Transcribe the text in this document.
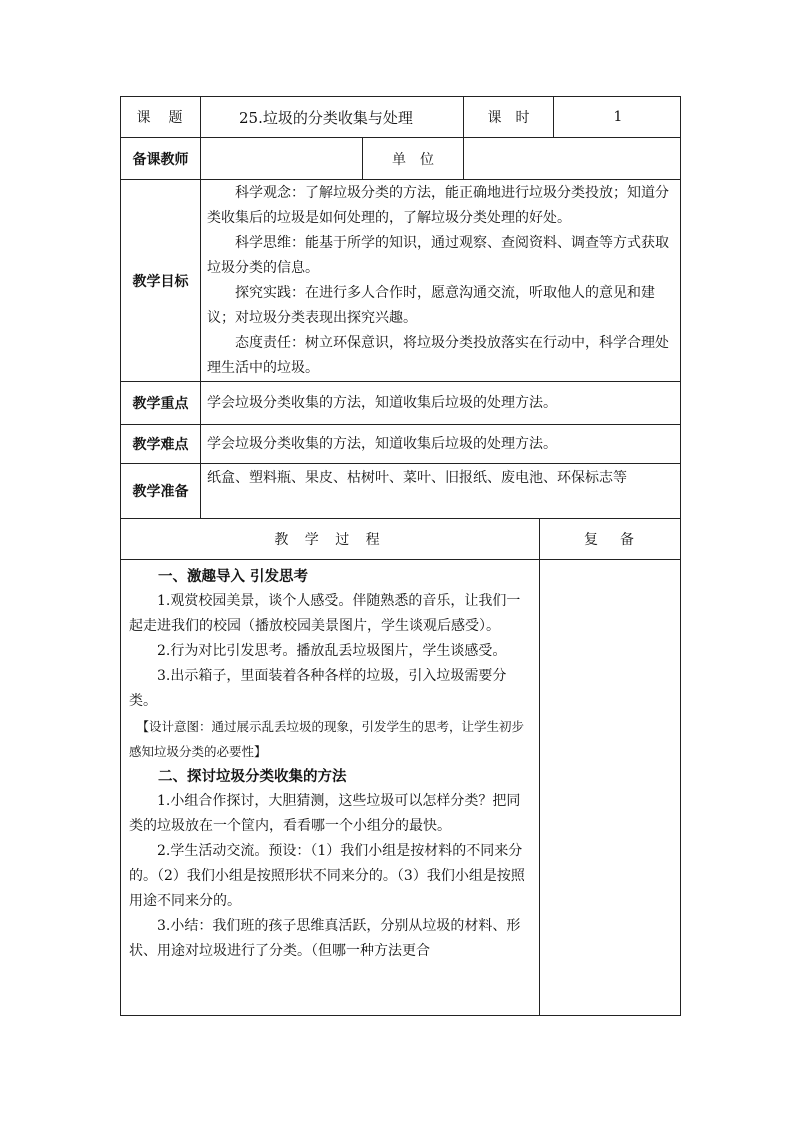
课　题	25.垃圾的分类收集与处理	课　时	1
备课教师	单　位
教学目标

科学观念：了解垃圾分类的方法，能正确地进行垃圾分类投放；知道分类收集后的垃圾是如何处理的，了解垃圾分类处理的好处。

科学思维：能基于所学的知识，通过观察、查阅资料、调查等方式获取垃圾分类的信息。

探究实践：在进行多人合作时，愿意沟通交流，听取他人的意见和建议；对垃圾分类表现出探究兴趣。

态度责任：树立环保意识，将垃圾分类投放落实在行动中，科学合理处理生活中的垃圾。

教学重点	学会垃圾分类收集的方法，知道收集后垃圾的处理方法。
教学难点	学会垃圾分类收集的方法，知道收集后垃圾的处理方法。
教学准备
纸盒、塑料瓶、果皮、枯树叶、菜叶、旧报纸、废电池、环保标志等
教 学 过 程	复　备

一、激趣导入 引发思考

1.观赏校园美景，谈个人感受。伴随熟悉的音乐，让我们一起走进我们的校园（播放校园美景图片，学生谈观后感受）。

2.行为对比引发思考。播放乱丢垃圾图片，学生谈感受。

3.出示箱子，里面装着各种各样的垃圾，引入垃圾需要分类。

【设计意图：通过展示乱丢垃圾的现象，引发学生的思考，让学生初步感知垃圾分类的必要性】

二、探讨垃圾分类收集的方法

1.小组合作探讨，大胆猜测，这些垃圾可以怎样分类？把同类的垃圾放在一个筐内，看看哪一个小组分的最快。

2.学生活动交流。预设：（1）我们小组是按材料的不同来分的。（2）我们小组是按照形状不同来分的。（3）我们小组是按照用途不同来分的。

3.小结：我们班的孩子思维真活跃，分别从垃圾的材料、形状、用途对垃圾进行了分类。（但哪一种方法更合
